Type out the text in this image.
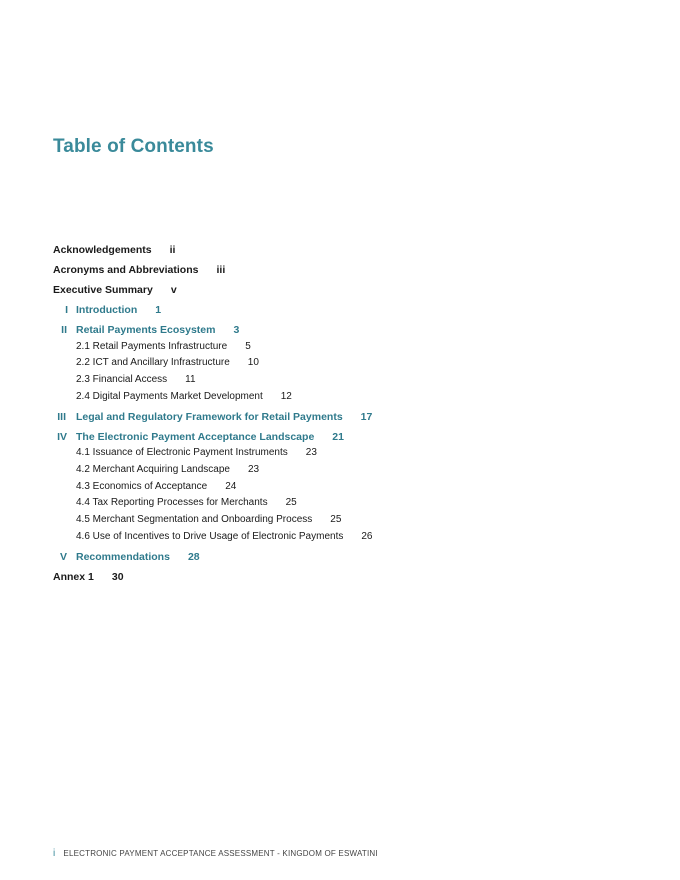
Table of Contents
Acknowledgements ii
Acronyms and Abbreviations iii
Executive Summary v
I Introduction 1
II Retail Payments Ecosystem 3
2.1 Retail Payments Infrastructure 5
2.2 ICT and Ancillary Infrastructure 10
2.3 Financial Access 11
2.4 Digital Payments Market Development 12
III Legal and Regulatory Framework for Retail Payments 17
IV The Electronic Payment Acceptance Landscape 21
4.1 Issuance of Electronic Payment Instruments 23
4.2 Merchant Acquiring Landscape 23
4.3 Economics of Acceptance 24
4.4 Tax Reporting Processes for Merchants 25
4.5 Merchant Segmentation and Onboarding Process 25
4.6 Use of Incentives to Drive Usage of Electronic Payments 26
V Recommendations 28
Annex 1 30
i ELECTRONIC PAYMENT ACCEPTANCE ASSESSMENT - KINGDOM OF ESWATINI
